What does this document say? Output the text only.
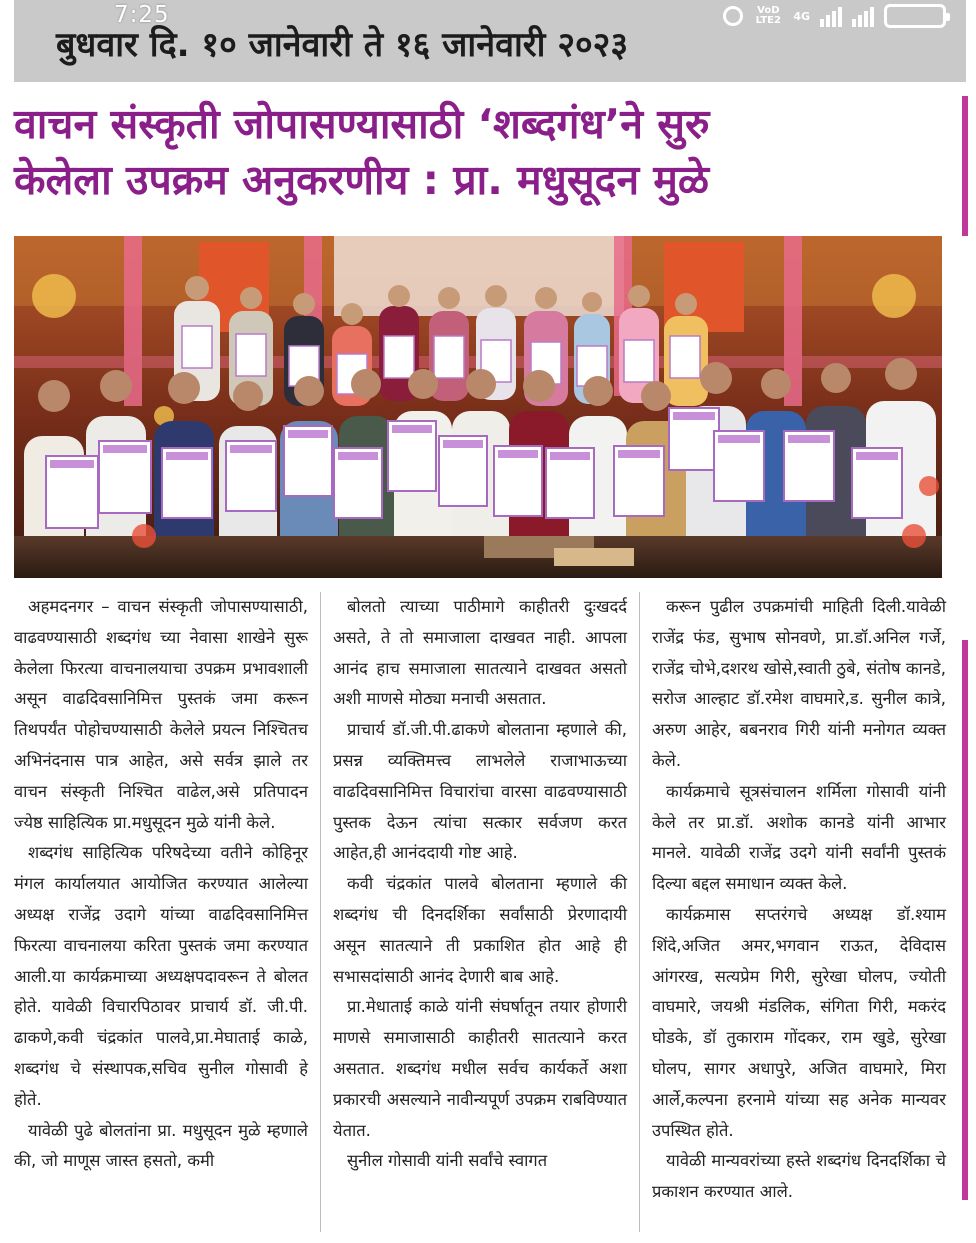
बुधवार दि. १० जानेवारी ते १६ जानेवारी २०२३
7:25	VoD LTE2 4G
वाचन संस्कृती जोपासण्यासाठी ‘शब्दगंध’ने सुरु
केलेला उपक्रम अनुकरणीय : प्रा. मधुसूदन मुळे

अहमदनगर – वाचन संस्कृती जोपासण्यासाठी, वाढवण्यासाठी शब्दगंध च्या नेवासा शाखेने सुरू केलेला फिरत्या वाचनालयाचा उपक्रम प्रभावशाली असून वाढदिवसानिमित्त पुस्तकं जमा करून तिथपर्यंत पोहोचण्यासाठी केलेले प्रयत्न निश्चितच अभिनंदनास पात्र आहेत, असे सर्वत्र झाले तर वाचन संस्कृती निश्चित वाढेल,असे प्रतिपादन ज्येष्ठ साहित्यिक प्रा.मधुसूदन मुळे यांनी केले.

शब्दगंध साहित्यिक परिषदेच्या वतीने कोहिनूर मंगल कार्यालयात आयोजित करण्यात आलेल्या अध्यक्ष राजेंद्र उदागे यांच्या वाढदिवसानिमित्त फिरत्या वाचनालया करिता पुस्तकं जमा करण्यात आली.या कार्यक्रमाच्या अध्यक्षपदावरून ते बोलत होते. यावेळी विचारपिठावर प्राचार्य डॉ. जी.पी. ढाकणे,कवी चंद्रकांत पालवे,प्रा.मेघाताई काळे, शब्दगंध चे संस्थापक,सचिव सुनील गोसावी हे होते.

यावेळी पुढे बोलतांना प्रा. मधुसूदन मुळे म्हणाले की, जो माणूस जास्त हसतो, कमी

बोलतो त्याच्या पाठीमागे काहीतरी दुःखदर्द असते, ते तो समाजाला दाखवत नाही. आपला आनंद हाच समाजाला सातत्याने दाखवत असतो अशी माणसे मोठ्या मनाची असतात.

प्राचार्य डॉ.जी.पी.ढाकणे बोलताना म्हणाले की, प्रसन्न व्यक्तिमत्त्व लाभलेले राजाभाऊच्या वाढदिवसानिमित्त विचारांचा वारसा वाढवण्यासाठी पुस्तक देऊन त्यांचा सत्कार सर्वजण करत आहेत,ही आनंददायी गोष्ट आहे.

कवी चंद्रकांत पालवे बोलताना म्हणाले की शब्दगंध ची दिनदर्शिका सर्वांसाठी प्रेरणादायी असून सातत्याने ती प्रकाशित होत आहे ही सभासदांसाठी आनंद देणारी बाब आहे.

प्रा.मेधाताई काळे यांनी संघर्षातून तयार होणारी माणसे समाजासाठी काहीतरी सातत्याने करत असतात. शब्दगंध मधील सर्वच कार्यकर्ते अशा प्रकारची असल्याने नावीन्यपूर्ण उपक्रम राबविण्यात येतात.

सुनील गोसावी यांनी सर्वांचे स्वागत

करून पुढील उपक्रमांची माहिती दिली.यावेळी राजेंद्र फंड, सुभाष सोनवणे, प्रा.डॉ.अनिल गर्जे, राजेंद्र चोभे,दशरथ खोसे,स्वाती ठुबे, संतोष कानडे, सरोज आल्हाट डॉ.रमेश वाघमारे,ड. सुनील कात्रे, अरुण आहेर, बबनराव गिरी यांनी मनोगत व्यक्त केले.

कार्यक्रमाचे सूत्रसंचालन शर्मिला गोसावी यांनी केले तर प्रा.डॉ. अशोक कानडे यांनी आभार मानले. यावेळी राजेंद्र उदगे यांनी सर्वांनी पुस्तकं दिल्या बद्दल समाधान व्यक्त केले.

कार्यक्रमास सप्तरंगचे अध्यक्ष डॉ.श्याम शिंदे,अजित अमर,भगवान राऊत, देविदास आंगरख, सत्यप्रेम गिरी, सुरेखा घोलप, ज्योती वाघमारे, जयश्री मंडलिक, संगिता गिरी, मकरंद घोडके, डॉ तुकाराम गोंदकर, राम खुडे, सुरेखा घोलप, सागर अधापुरे, अजित वाघमारे, मिरा आर्ले,कल्पना हरनामे यांच्या सह अनेक मान्यवर उपस्थित होते.

यावेळी मान्यवरांच्या हस्ते शब्दगंध दिनदर्शिका चे प्रकाशन करण्यात आले.
